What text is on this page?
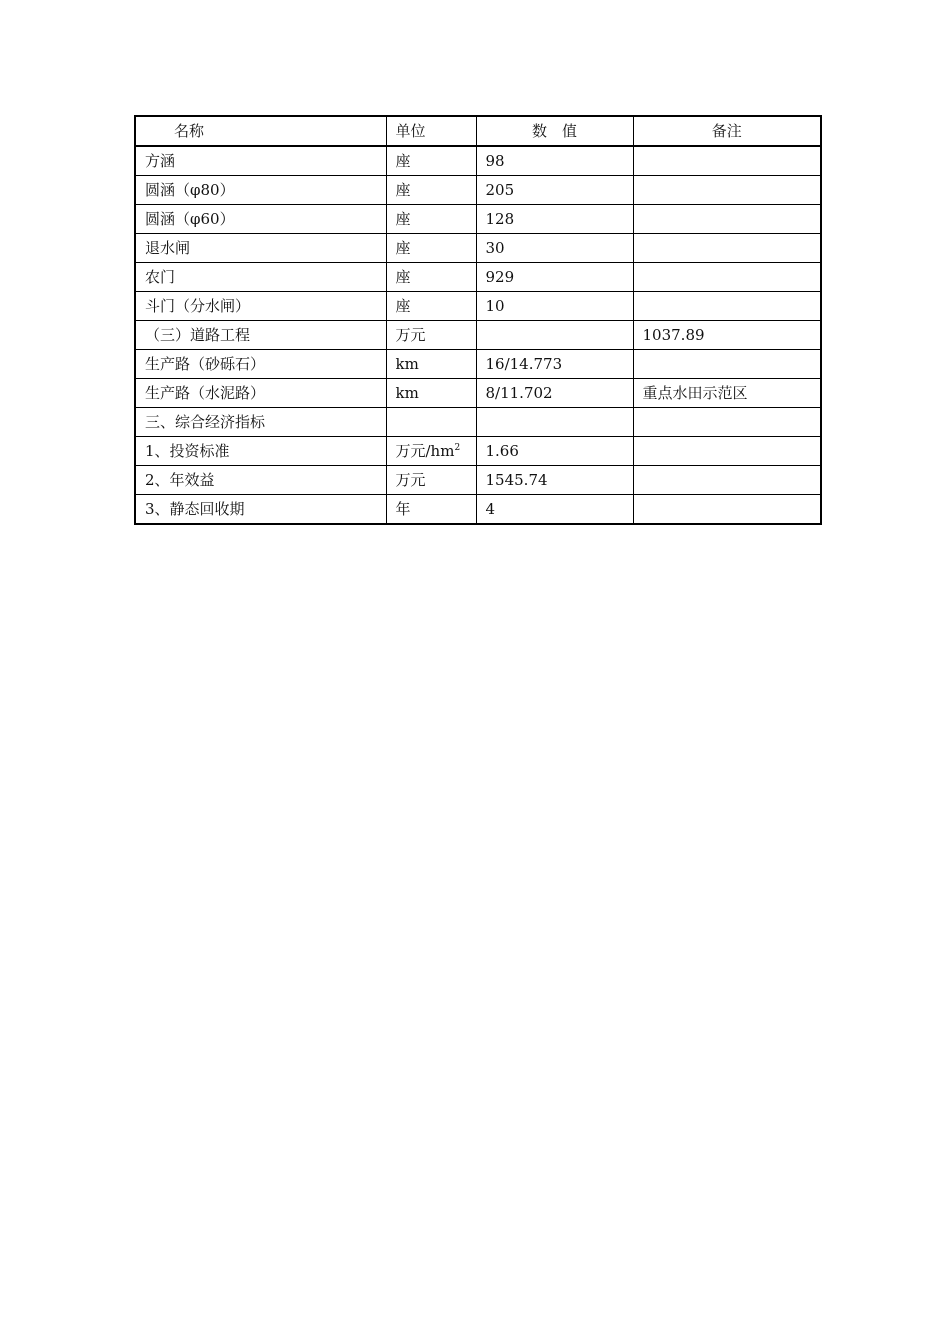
名称	单位	数　值	备注
方涵	座	98	
圆涵（φ80）	座	205	
圆涵（φ60）	座	128	
退水闸	座	30	
农门	座	929	
斗门（分水闸）	座	10	
（三）道路工程	万元		1037.89
生产路（砂砾石）	km	16/14.773	
生产路（水泥路）	km	8/11.702	重点水田示范区
三、综合经济指标			
1、投资标准	万元$/hm^2$	1.66	
2、年效益	万元	1545.74	
3、静态回收期	年	4	
